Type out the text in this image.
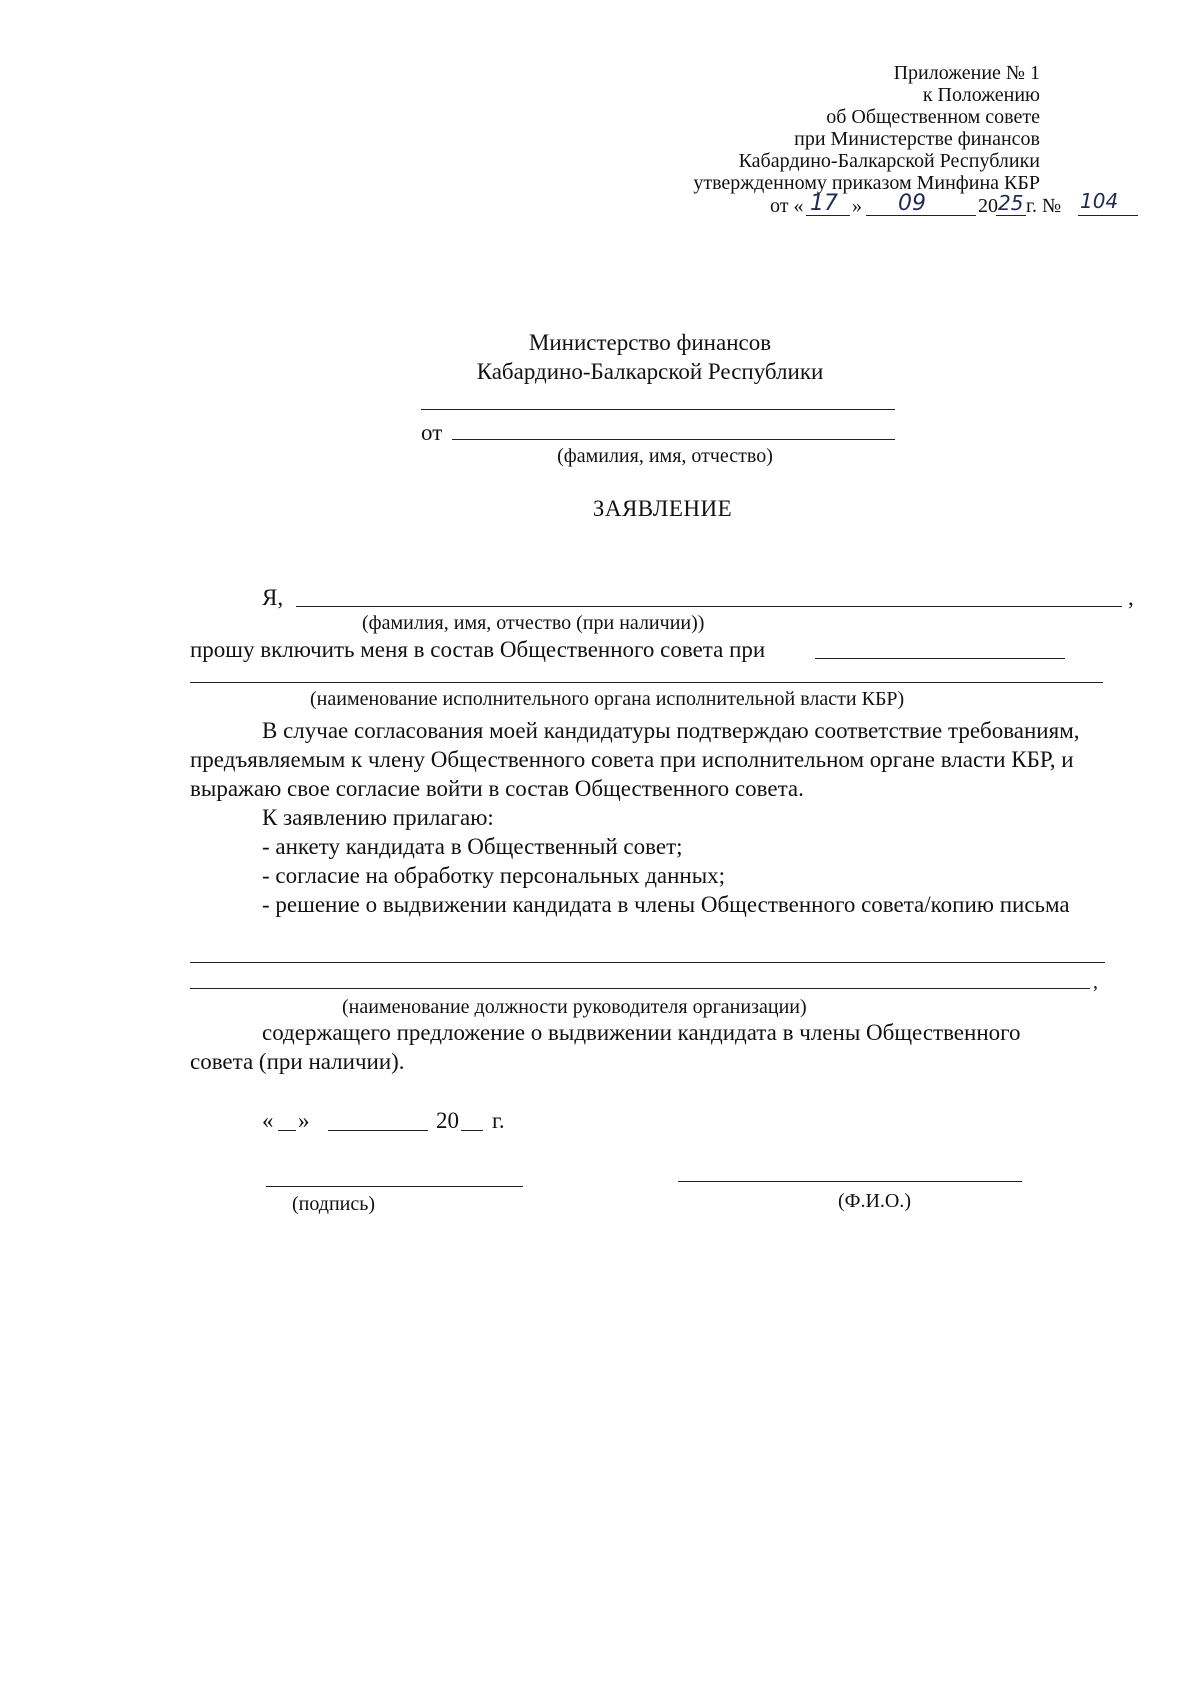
Приложение № 1
к Положению
об Общественном совете
при Министерстве финансов
Кабардино-Балкарской Республики
утвержденному приказом Минфина КБР
от « 17 » 09	20 25 г. № 104
Министерство финансов
Кабардино-Балкарской Республики
от
(фамилия, имя, отчество)
ЗАЯВЛЕНИЕ
Я,	,
(фамилия, имя, отчество (при наличии))
прошу включить меня в состав Общественного совета при
(наименование исполнительного органа исполнительной власти КБР)
В случае согласования моей кандидатуры подтверждаю соответствие требованиям,
предъявляемым к члену Общественного совета при исполнительном органе власти КБР, и
выражаю свое согласие войти в состав Общественного совета.
К заявлению прилагаю:
- анкету кандидата в Общественный совет;
- согласие на обработку персональных данных;
- решение о выдвижении кандидата в члены Общественного совета/копию письма
,
(наименование должности руководителя организации)
содержащего предложение о выдвижении кандидата в члены Общественного
совета (при наличии).
« »	20 г.
(подпись)	(Ф.И.О.)
